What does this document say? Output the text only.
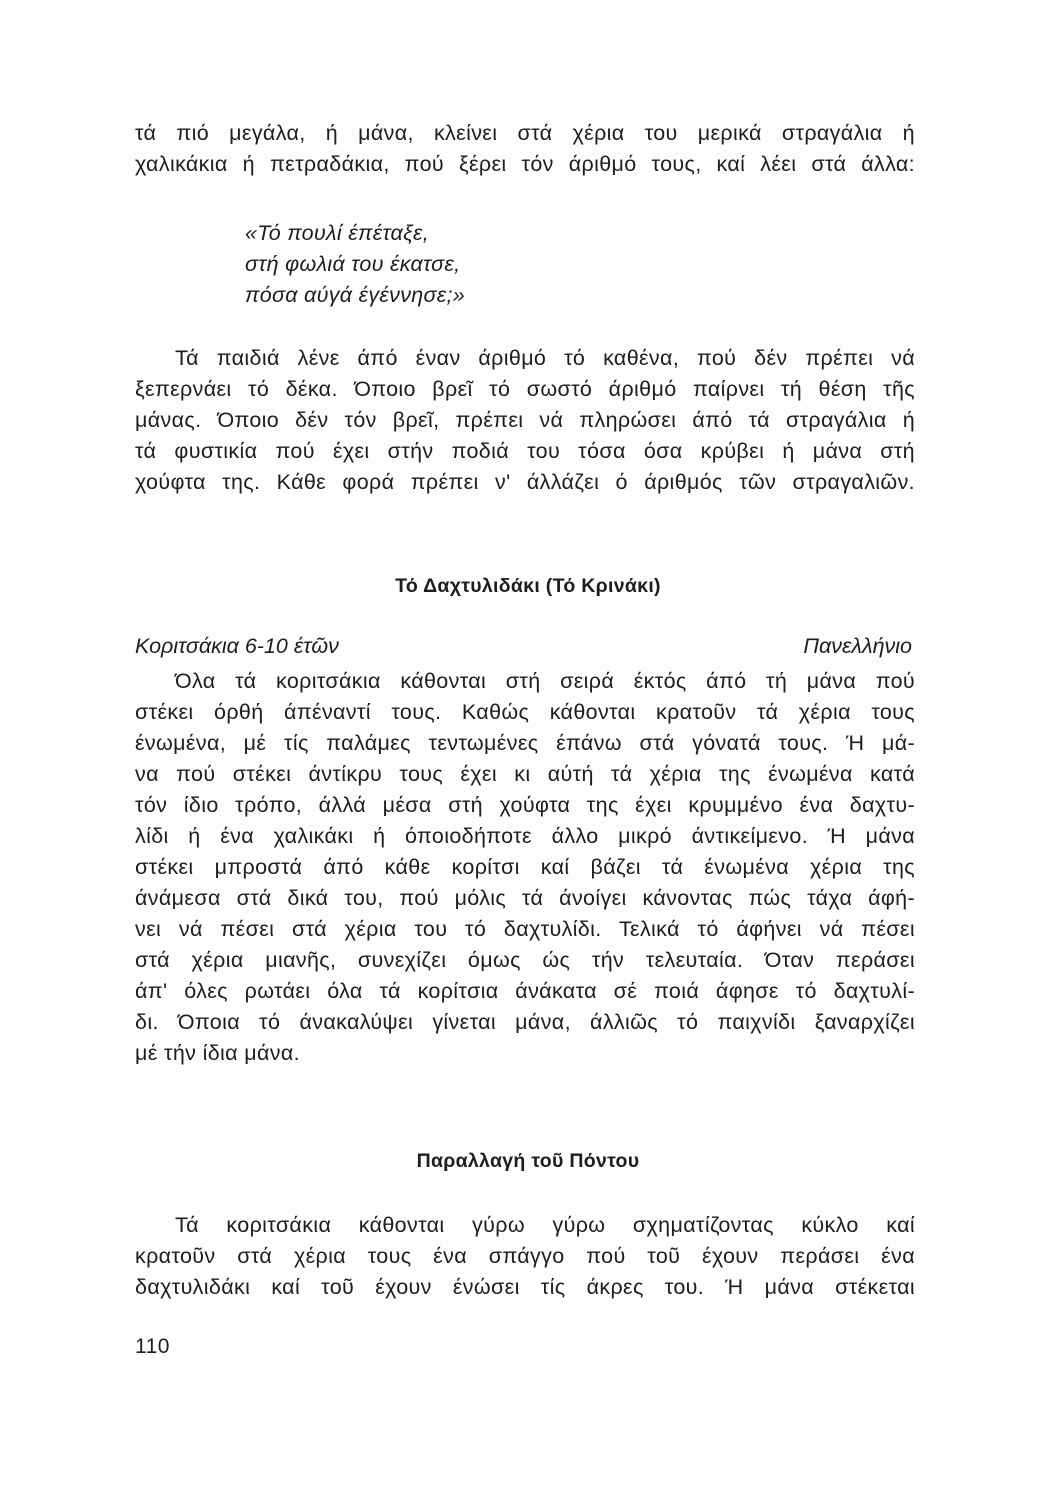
τά πιό μεγάλα, ή μάνα, κλείνει στά χέρια του μερικά στραγάλια ή
χαλικάκια ή πετραδάκια, πού ξέρει τόν άριθμό τους, καί λέει στά άλλα:
«Τό πουλί έπέταξε,
στή φωλιά του έκατσε,
πόσα αύγά έγέννησε;»
Τά παιδιά λένε άπό έναν άριθμό τό καθένα, πού δέν πρέπει νά
ξεπερνάει τό δέκα. Όποιο βρεῖ τό σωστό άριθμό παίρνει τή θέση τῆς
μάνας. Όποιο δέν τόν βρεῖ, πρέπει νά πληρώσει άπό τά στραγάλια ή
τά φυστικία πού έχει στήν ποδιά του τόσα όσα κρύβει ή μάνα στή
χούφτα της. Κάθε φορά πρέπει ν' άλλάζει ό άριθμός τῶν στραγαλιῶν.
Τό Δαχτυλιδάκι (Τό Κρινάκι)
Κοριτσάκια 6-10 έτῶν	Πανελλήνιο
Όλα τά κοριτσάκια κάθονται στή σειρά έκτός άπό τή μάνα πού
στέκει όρθή άπέναντί τους. Καθώς κάθονται κρατοῦν τά χέρια τους
ένωμένα, μέ τίς παλάμες τεντωμένες έπάνω στά γόνατά τους. Ή μά-
να πού στέκει άντίκρυ τους έχει κι αύτή τά χέρια της ένωμένα κατά
τόν ίδιο τρόπο, άλλά μέσα στή χούφτα της έχει κρυμμένο ένα δαχτυ-
λίδι ή ένα χαλικάκι ή όποιοδήποτε άλλο μικρό άντικείμενο. Ή μάνα
στέκει μπροστά άπό κάθε κορίτσι καί βάζει τά ένωμένα χέρια της
άνάμεσα στά δικά του, πού μόλις τά άνοίγει κάνοντας πώς τάχα άφή-
νει νά πέσει στά χέρια του τό δαχτυλίδι. Τελικά τό άφήνει νά πέσει
στά χέρια μιανῆς, συνεχίζει όμως ώς τήν τελευταία. Όταν περάσει
άπ' όλες ρωτάει όλα τά κορίτσια άνάκατα σέ ποιά άφησε τό δαχτυλί-
δι. Όποια τό άνακαλύψει γίνεται μάνα, άλλιῶς τό παιχνίδι ξαναρχίζει
μέ τήν ίδια μάνα.
Παραλλαγή τοῦ Πόντου
Τά κοριτσάκια κάθονται γύρω γύρω σχηματίζοντας κύκλο καί
κρατοῦν στά χέρια τους ένα σπάγγο πού τοῦ έχουν περάσει ένα
δαχτυλιδάκι καί τοῦ έχουν ένώσει τίς άκρες του. Ή μάνα στέκεται
110
